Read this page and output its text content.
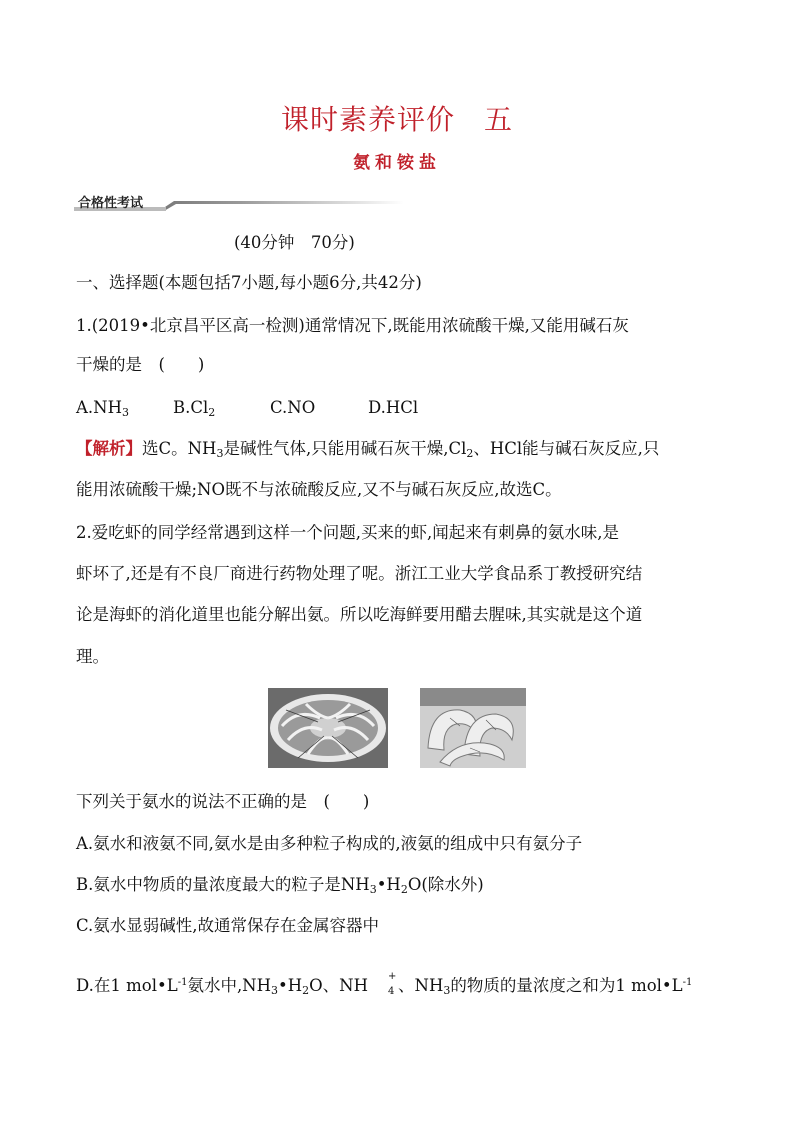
课时素养评价　五
氨和铵盐
合格性考试
(40分钟　70分)
一、选择题(本题包括7小题,每小题6分,共42分)
1.(2019•北京昌平区高一检测)通常情况下,既能用浓硫酸干燥,又能用碱石灰
干燥的是　(　　)
$A.NH_3$	$B.Cl_2$	C.NO	D.HCl
【解析】选C。$NH_3$是碱性气体,只能用碱石灰干燥$,Cl_2$、HCl能与碱石灰反应,只
能用浓硫酸干燥;NO既不与浓硫酸反应,又不与碱石灰反应,故选C。
2.爱吃虾的同学经常遇到这样一个问题,买来的虾,闻起来有刺鼻的氨水味,是
虾坏了,还是有不良厂商进行药物处理了呢。浙江工业大学食品系丁教授研究结
论是海虾的消化道里也能分解出氨。所以吃海鲜要用醋去腥味,其实就是这个道
理。
下列关于氨水的说法不正确的是　(　　)
A.氨水和液氨不同,氨水是由多种粒子构成的,液氨的组成中只有氨分子
B.氨水中物质的量浓度最大的粒子是$NH_3•H_2O$(除水外)
C.氨水显弱碱性,故通常保存在金属容器中
D.在1 $mol•L^{-1}$氨水中$,NH_3•H_2O$、NH +
4 、$NH_3$的物质的量浓度之和为1 $mol•L^{-1}$
